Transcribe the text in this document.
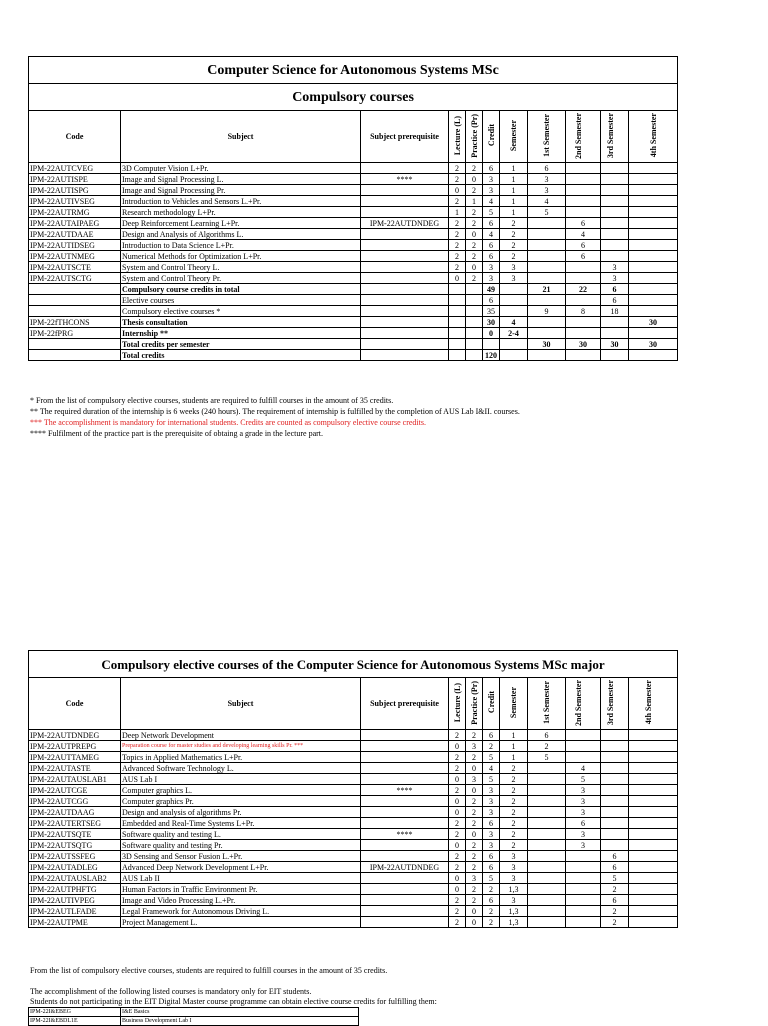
Computer Science for Autonomous Systems MSc										
Compulsory courses										
Code	Subject	Subject prerequisite	Lecture (L)	Practice (Pr)	Credit	Semester	1st Semester	2nd Semester	3rd Semester	4th Semester
IPM-22AUTCVEG	3D Computer Vision L+Pr.		2	2	6	1	6			
IPM-22AUTISPE	Image and Signal Processing L.	****	2	0	3	1	3			
IPM-22AUTISPG	Image and Signal Processing Pr.		0	2	3	1	3			
IPM-22AUTIVSEG	Introduction to Vehicles and Sensors L.+Pr.		2	1	4	1	4			
IPM-22AUTRMG	Research methodology L+Pr.		1	2	5	1	5			
IPM-22AUTAIPAEG	Deep Reinforcement Learning L+Pr.	IPM-22AUTDNDEG	2	2	6	2		6		
IPM-22AUTDAAE	Design and Analysis of Algorithms L.		2	0	4	2		4		
IPM-22AUTIDSEG	Introduction to Data Science L+Pr.		2	2	6	2		6		
IPM-22AUTNMEG	Numerical Methods for Optimization L+Pr.		2	2	6	2		6		
IPM-22AUTSCTE	System and Control Theory L.		2	0	3	3			3	
IPM-22AUTSCTG	System and Control Theory Pr.		0	2	3	3			3	
	Compulsory course credits in total				49		21	22	6	
	Elective courses				6				6	
	Compulsory elective courses *				35		9	8	18	
IPM-22fTHCONS	Thesis consultation				30	4				30
IPM-22fPRG	Internship **				0	2-4				
	Total credits per semester						30	30	30	30
	Total credits				120					
* From the list of compulsory elective courses, students are required to fulfill courses in the amount of 35 credits.
** The required duration of the internship is 6 weeks (240 hours). The requirement of internship is fulfilled by the completion of AUS Lab I&II. courses.
*** The accomplishment is mandatory for international students. Credits are counted as compulsory elective course credits.
**** Fulfilment of the practice part is the prerequisite of obtaing a grade in the lecture part.
Compulsory elective courses of the Computer Science for Autonomous Systems MSc major										
Code	Subject	Subject prerequisite	Lecture (L)	Practice (Pr)	Credit	Semester	1st Semester	2nd Semester	3rd Semester	4th Semester
IPM-22AUTDNDEG	Deep Network Development		2	2	6	1	6			
IPM-22AUTPREPG	Preparation course for master studies and developing learning skills Pr. ***		0	3	2	1	2			
IPM-22AUTTAMEG	Topics in Applied Mathematics L+Pr.		2	2	5	1	5			
IPM-22AUTASTE	Advanced Software Technology L.		2	0	4	2		4		
IPM-22AUTAUSLAB1	AUS Lab I		0	3	5	2		5		
IPM-22AUTCGE	Computer graphics L.	****	2	0	3	2		3		
IPM-22AUTCGG	Computer graphics Pr.		0	2	3	2		3		
IPM-22AUTDAAG	Design and analysis of algorithms Pr.		0	2	3	2		3		
IPM-22AUTERTSEG	Embedded and Real-Time Systems L+Pr.		2	2	6	2		6		
IPM-22AUTSQTE	Software quality and testing L.	****	2	0	3	2		3		
IPM-22AUTSQTG	Software quality and testing Pr.		0	2	3	2		3		
IPM-22AUTSSFEG	3D Sensing and Sensor Fusion L.+Pr.		2	2	6	3			6	
IPM-22AUTADLEG	Advanced Deep Network Development L+Pr.	IPM-22AUTDNDEG	2	2	6	3			6	
IPM-22AUTAUSLAB2	AUS Lab II		0	3	5	3			5	
IPM-22AUTPHFTG	Human Factors in Traffic Environment Pr.		0	2	2	1,3			2	
IPM-22AUTIVPEG	Image and Video Processing L.+Pr.		2	2	6	3			6	
IPM-22AUTLFADE	Legal Framework for Autonomous Driving L.		2	0	2	1,3			2	
IPM-22AUTPME	Project Management L.		2	0	2	1,3			2	
From the list of compulsory elective courses, students are required to fulfill courses in the amount of 35 credits.
The accomplishment of the following listed courses is mandatory only for EIT students.
Students do not participating in the EIT Digital Master course programme can obtain elective course credits for fulfilling them:
IPM-22I&EBEG	I&E Basics
IPM-22I&EBDL1E	Business Development Lab I
